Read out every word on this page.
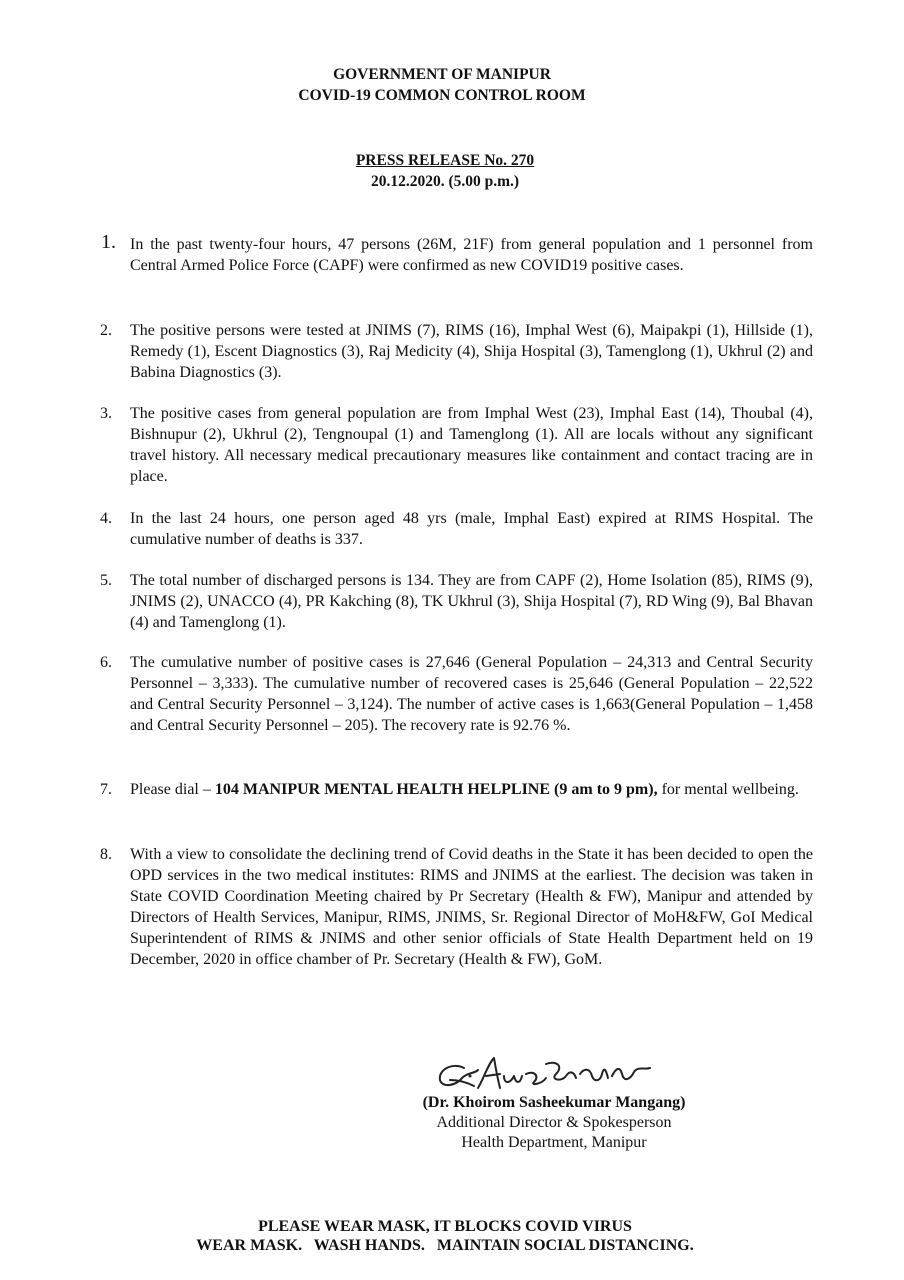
GOVERNMENT OF MANIPUR
COVID-19 COMMON CONTROL ROOM
PRESS RELEASE No. 270
20.12.2020. (5.00 p.m.)
1. In the past twenty-four hours, 47 persons (26M, 21F) from general population and 1 personnel from Central Armed Police Force (CAPF) were confirmed as new COVID19 positive cases.
2. The positive persons were tested at JNIMS (7), RIMS (16), Imphal West (6), Maipakpi (1), Hillside (1), Remedy (1), Escent Diagnostics (3), Raj Medicity (4), Shija Hospital (3), Tamenglong (1), Ukhrul (2) and Babina Diagnostics (3).
3. The positive cases from general population are from Imphal West (23), Imphal East (14), Thoubal (4), Bishnupur (2), Ukhrul (2), Tengnoupal (1) and Tamenglong (1). All are locals without any significant travel history. All necessary medical precautionary measures like containment and contact tracing are in place.
4. In the last 24 hours, one person aged 48 yrs (male, Imphal East) expired at RIMS Hospital. The cumulative number of deaths is 337.
5. The total number of discharged persons is 134. They are from CAPF (2), Home Isolation (85), RIMS (9), JNIMS (2), UNACCO (4), PR Kakching (8), TK Ukhrul (3), Shija Hospital (7), RD Wing (9), Bal Bhavan (4) and Tamenglong (1).
6. The cumulative number of positive cases is 27,646 (General Population – 24,313 and Central Security Personnel – 3,333). The cumulative number of recovered cases is 25,646 (General Population – 22,522 and Central Security Personnel – 3,124). The number of active cases is 1,663(General Population – 1,458 and Central Security Personnel – 205). The recovery rate is 92.76 %.
7. Please dial – 104 MANIPUR MENTAL HEALTH HELPLINE (9 am to 9 pm), for mental wellbeing.
8. With a view to consolidate the declining trend of Covid deaths in the State it has been decided to open the OPD services in the two medical institutes: RIMS and JNIMS at the earliest. The decision was taken in State COVID Coordination Meeting chaired by Pr Secretary (Health & FW), Manipur and attended by Directors of Health Services, Manipur, RIMS, JNIMS, Sr. Regional Director of MoH&FW, GoI Medical Superintendent of RIMS & JNIMS and other senior officials of State Health Department held on 19 December, 2020 in office chamber of Pr. Secretary (Health & FW), GoM.
(Dr. Khoirom Sasheekumar Mangang)
Additional Director & Spokesperson
Health Department, Manipur
PLEASE WEAR MASK, IT BLOCKS COVID VIRUS
WEAR MASK.   WASH HANDS.   MAINTAIN SOCIAL DISTANCING.
